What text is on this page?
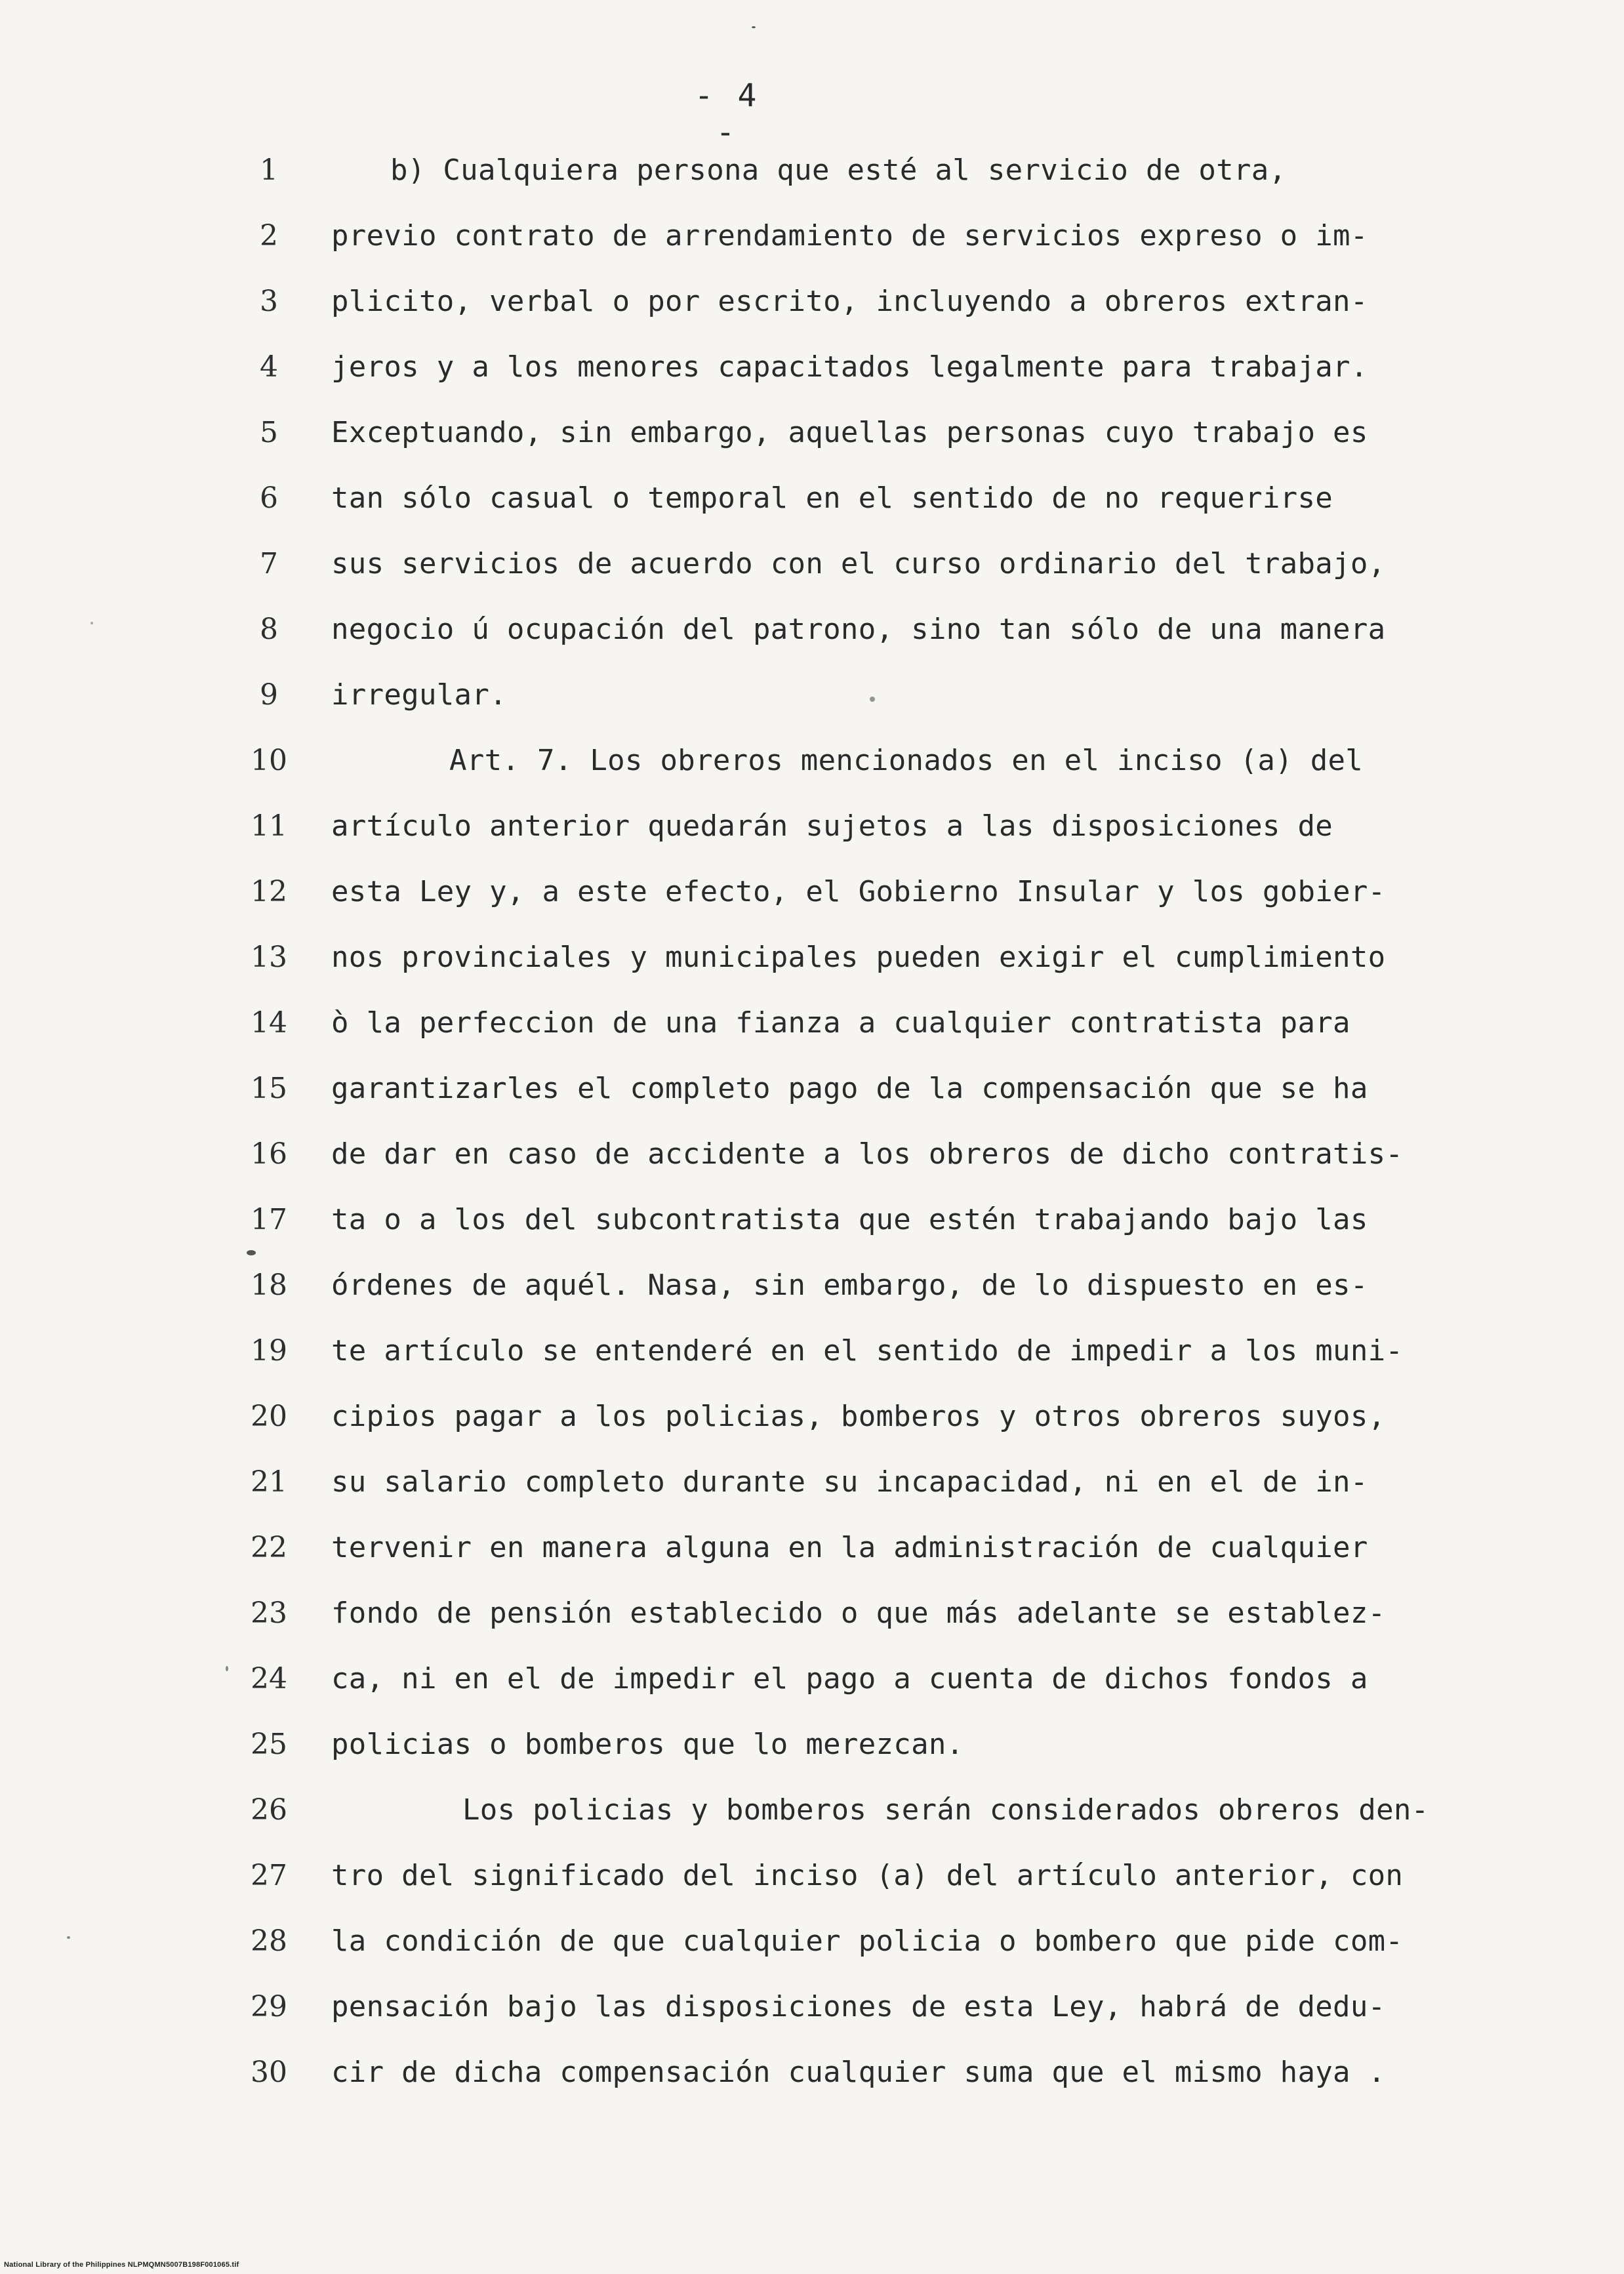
- 4 -
1	b) Cualquiera persona que esté al servicio de otra,
2	previo contrato de arrendamiento de servicios expreso o im-
3	plicito, verbal o por escrito, incluyendo a obreros extran-
4	jeros y a los menores capacitados legalmente para trabajar.
5	Exceptuando, sin embargo, aquellas personas cuyo trabajo es
6	tan sólo casual o temporal en el sentido de no requerirse
7	sus servicios de acuerdo con el curso ordinario del trabajo,
8	negocio ú ocupación del patrono, sino tan sólo de una manera
9	irregular.
10	Art. 7. Los obreros mencionados en el inciso (a) del
11	artículo anterior quedarán sujetos a las disposiciones de
12	esta Ley y, a este efecto, el Gobierno Insular y los gobier-
13	nos provinciales y municipales pueden exigir el cumplimiento
14	ò la perfeccion de una fianza a cualquier contratista para
15	garantizarles el completo pago de la compensación que se ha
16	de dar en caso de accidente a los obreros de dicho contratis-
17	ta o a los del subcontratista que estén trabajando bajo las
18	órdenes de aquél. Nasa, sin embargo, de lo dispuesto en es-
19	te artículo se entenderé en el sentido de impedir a los muni-
20	cipios pagar a los policias, bomberos y otros obreros suyos,
21	su salario completo durante su incapacidad, ni en el de in-
22	tervenir en manera alguna en la administración de cualquier
23	fondo de pensión establecido o que más adelante se establez-
24	ca, ni en el de impedir el pago a cuenta de dichos fondos a
25	policias o bomberos que lo merezcan.
26	Los policias y bomberos serán considerados obreros den-
27	tro del significado del inciso (a) del artículo anterior, con
28	la condición de que cualquier policia o bombero que pide com-
29	pensación bajo las disposiciones de esta Ley, habrá de dedu-
30	cir de dicha compensación cualquier suma que el mismo haya .
National Library of the Philippines NLPMQMN5007B198F001065.tif
